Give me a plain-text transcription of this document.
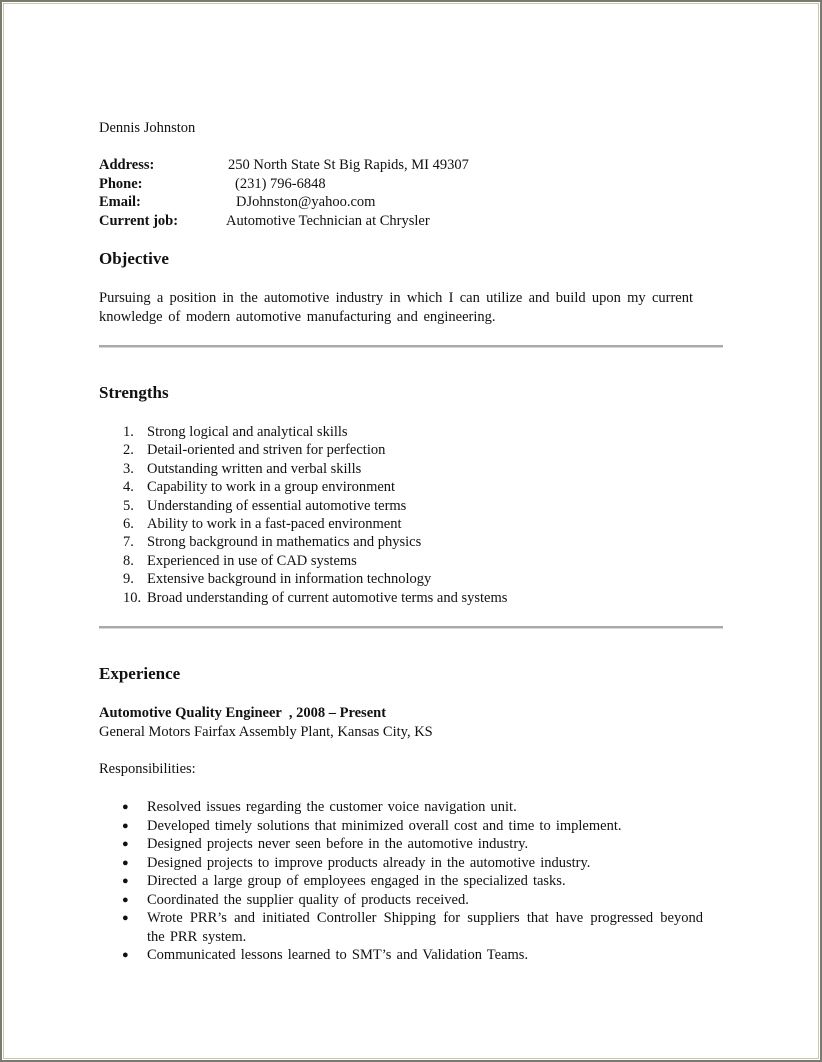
Dennis Johnston
Address:	250 North State St Big Rapids, MI 49307
Phone:	(231) 796-6848
Email:	DJohnston@yahoo.com
Current job:	Automotive Technician at Chrysler
Objective
Pursuing a position in the automotive industry in which I can utilize and build upon my current knowledge of modern automotive manufacturing and engineering.
Strengths
1. Strong logical and analytical skills
2. Detail-oriented and striven for perfection
3. Outstanding written and verbal skills
4. Capability to work in a group environment
5. Understanding of essential automotive terms
6. Ability to work in a fast-paced environment
7. Strong background in mathematics and physics
8. Experienced in use of CAD systems
9. Extensive background in information technology
10. Broad understanding of current automotive terms and systems
Experience
Automotive Quality Engineer  , 2008 – Present
General Motors Fairfax Assembly Plant, Kansas City, KS
Responsibilities:
● Resolved issues regarding the customer voice navigation unit.
● Developed timely solutions that minimized overall cost and time to implement.
● Designed projects never seen before in the automotive industry.
● Designed projects to improve products already in the automotive industry.
● Directed a large group of employees engaged in the specialized tasks.
● Coordinated the supplier quality of products received.
● Wrote PRR’s and initiated Controller Shipping for suppliers that have progressed beyond the PRR system.
● Communicated lessons learned to SMT’s and Validation Teams.
